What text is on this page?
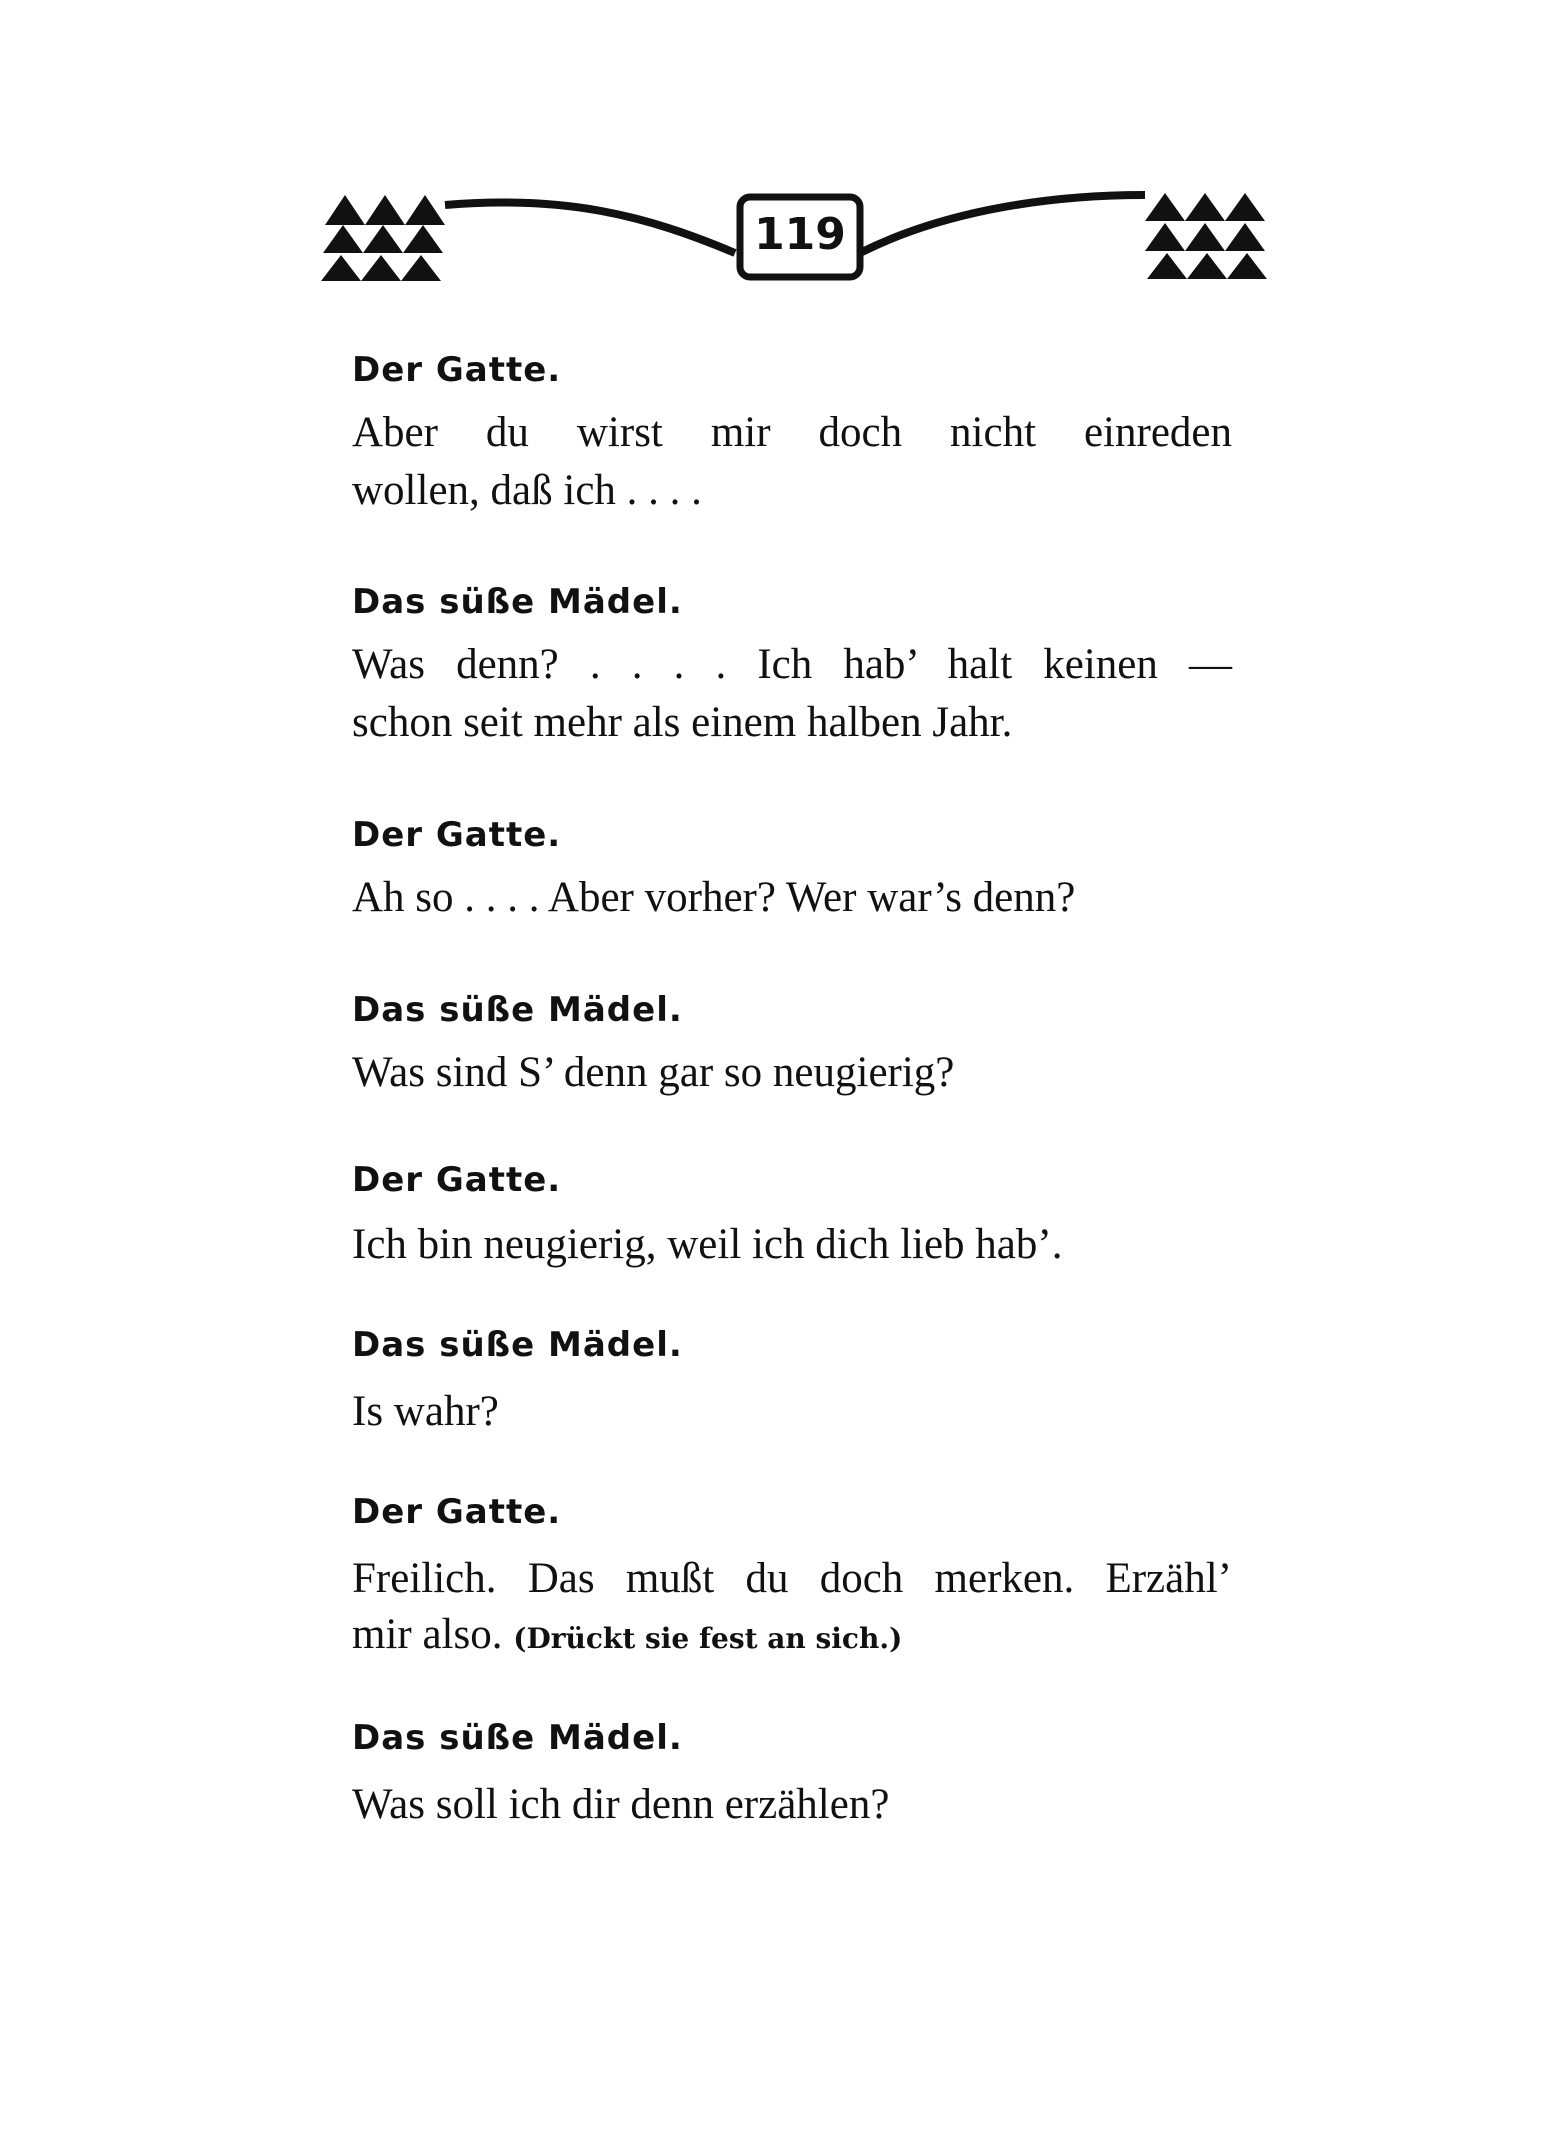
119

Der Gatte.

Aber du wirst mir doch nicht einreden

wollen, daß ich . . . .

Das süße Mädel.

Was denn? . . . . Ich hab’ halt keinen —

schon seit mehr als einem halben Jahr.

Der Gatte.

Ah so . . . . Aber vorher? Wer war’s denn?

Das süße Mädel.

Was sind S’ denn gar so neugierig?

Der Gatte.

Ich bin neugierig, weil ich dich lieb hab’.

Das süße Mädel.

Is wahr?

Der Gatte.

Freilich. Das mußt du doch merken. Erzähl’

mir also. (Drückt sie fest an sich.)

Das süße Mädel.

Was soll ich dir denn erzählen?
